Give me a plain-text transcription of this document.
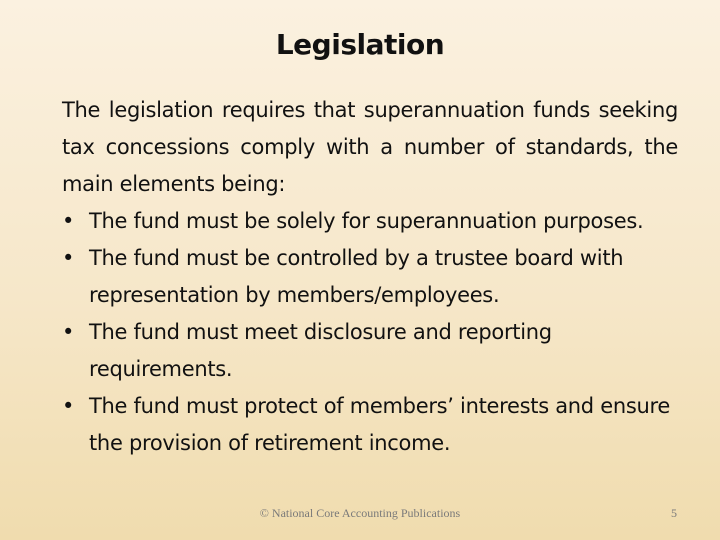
Legislation

The legislation requires that superannuation funds seeking tax concessions comply with a number of standards, the main elements being:

• The fund must be solely for superannuation purposes.
• The fund must be controlled by a trustee board with representation by members/employees.
• The fund must meet disclosure and reporting requirements.
• The fund must protect of members’ interests and ensure the provision of retirement income.
© National Core Accounting Publications	5
